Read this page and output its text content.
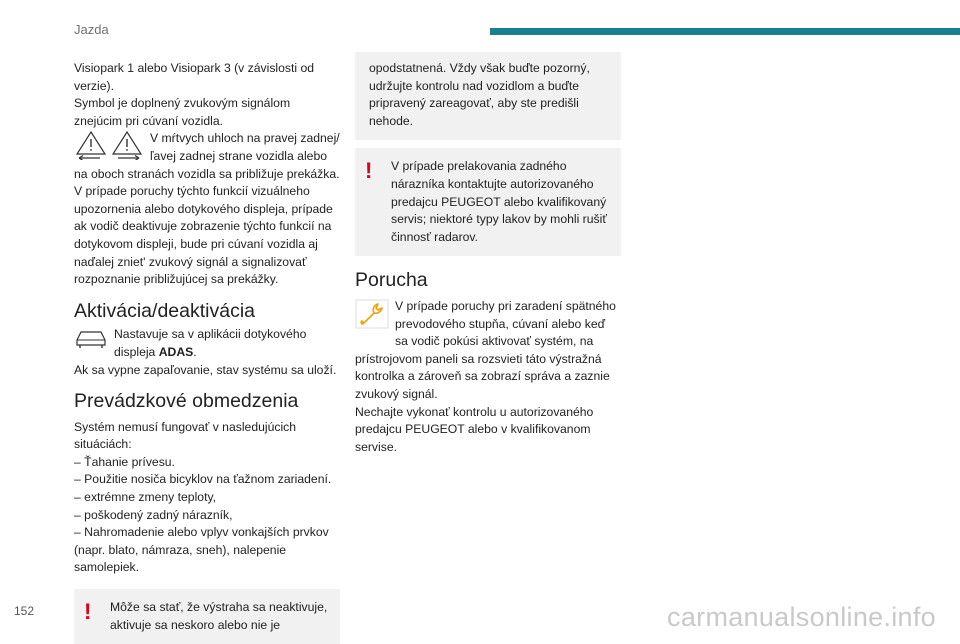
Jazda

Visiopark 1 alebo Visiopark 3 (v závislosti od verzie).

Symbol je doplnený zvukovým signálom znejúcim pri cúvaní vozidla.

V mŕtvych uhloch na pravej zadnej/ľavej zadnej strane vozidla alebo na oboch stranách vozidla sa približuje prekážka.

V prípade poruchy týchto funkcií vizuálneho upozornenia alebo dotykového displeja, prípade ak vodič deaktivuje zobrazenie týchto funkcií na dotykovom displeji, bude pri cúvaní vozidla aj naďalej zniet' zvukový signál a signalizovať rozpoznanie približujúcej sa prekážky.

Aktivácia/deaktivácia

Nastavuje sa v aplikácii dotykového displeja ADAS.

Ak sa vypne zapaľovanie, stav systému sa uloží.

Prevádzkové obmedzenia

Systém nemusí fungovať v nasledujúcich situáciách:

– Ťahanie prívesu.

– Použitie nosiča bicyklov na ťažnom zariadení.

– extrémne zmeny teploty,

– poškodený zadný nárazník,

– Nahromadenie alebo vplyv vonkajších prvkov (napr. blato, námraza, sneh), nalepenie samolepiek.

!	Môže sa stať, že výstraha sa neaktivuje, aktivuje sa neskoro alebo nie je

opodstatnená. Vždy však buďte pozorný, udržujte kontrolu nad vozidlom a buďte pripravený zareagovať, aby ste predišli nehode.

!	V prípade prelakovania zadného nárazníka kontaktujte autorizovaného predajcu PEUGEOT alebo kvalifikovaný servis; niektoré typy lakov by mohli rušiť činnosť radarov.

Porucha

V prípade poruchy pri zaradení spätného prevodového stupňa, cúvaní alebo keď sa vodič pokúsi aktivovať systém, na prístrojovom paneli sa rozsvieti táto výstražná kontrolka a zároveň sa zobrazí správa a zaznie zvukový signál.

Nechajte vykonať kontrolu u autorizovaného predajcu PEUGEOT alebo v kvalifikovanom servise.

152	carmanualsonline.info
